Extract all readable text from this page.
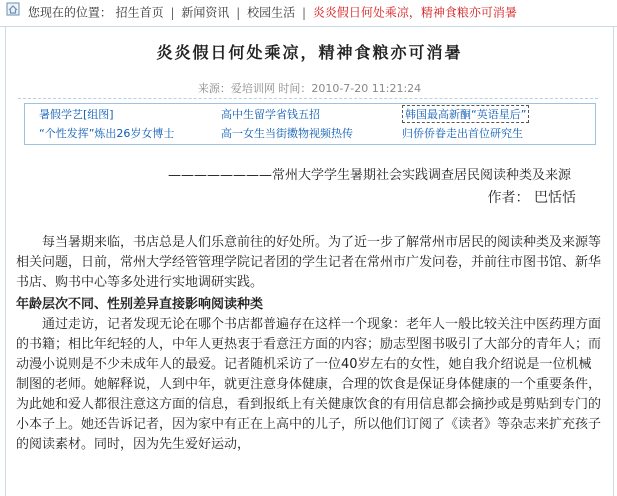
您现在的位置： 招生首页 | 新闻资讯 | 校园生活 | 炎炎假日何处乘凉，精神食粮亦可消暑
炎炎假日何处乘凉，精神食粮亦可消暑
来源：爱培训网 时间：2010-7-20 11:21:24
暑假学艺[组图]	高中生留学省钱五招	韩国最高新酮“英语星后”
“个性发挥”炼出26岁女博士	高一女生当街擞物视频热传	归侨侨眷走出首位研究生
————————常州大学学生暑期社会实践调查居民阅读种类及来源
作者： 巴恬恬

每当暑期来临，书店总是人们乐意前往的好处所。为了近一步了解常州市居民的阅读种类及来源等相关问题，日前，常州大学经管管理学院记者团的学生记者在常州市广发问卷，并前往市图书馆、新华书店、购书中心等多处进行实地调研实践。

年龄层次不同、性别差异直接影响阅读种类

通过走访，记者发现无论在哪个书店都普遍存在这样一个现象：老年人一般比较关注中医药理方面的书籍；相比年纪轻的人，中年人更热衷于看意汪方面的内容；励志型图书吸引了大部分的青年人；而动漫小说则是不少未成年人的最爱。记者随机采访了一位40岁左右的女性，她自我介绍说是一位机械制图的老师。她解释说，人到中年，就更注意身体健康，合理的饮食是保证身体健康的一个重要条件，为此她和爱人都很注意这方面的信息，看到报纸上有关健康饮食的有用信息都会摘抄或是剪贴到专门的小本子上。她还告诉记者，因为家中有正在上高中的儿子，所以他们订阅了《读者》等杂志来扩充孩子的阅读素材。同时，因为先生爱好运动，
